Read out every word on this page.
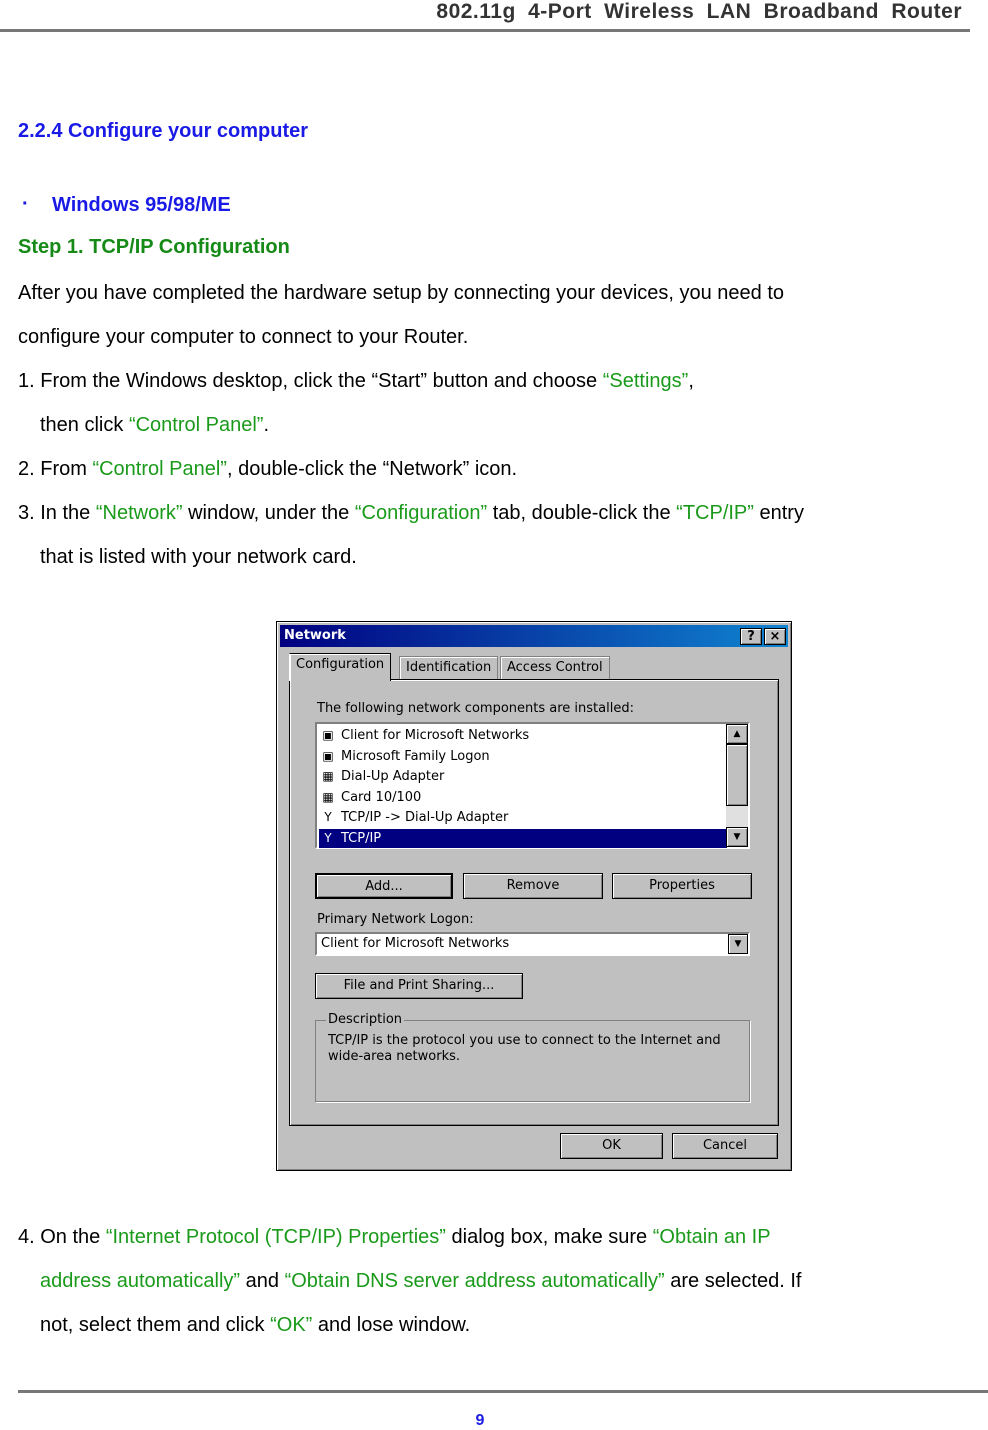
802.11g 4-Port Wireless LAN Broadband Router
2.2.4 Configure your computer
· Windows 95/98/ME
Step 1. TCP/IP Configuration
After you have completed the hardware setup by connecting your devices, you need to
configure your computer to connect to your Router.
1. From the Windows desktop, click the “Start” button and choose “Settings”,
then click “Control Panel”.
2. From “Control Panel”, double-click the “Network” icon.
3. In the “Network” window, under the “Configuration” tab, double-click the “TCP/IP” entry
that is listed with your network card.
Network	?	×
Configuration	Identification	Access Control
The following network components are installed:
▣ Client for Microsoft Networks
▣ Microsoft Family Logon
▦ Dial-Up Adapter
▦ Card 10/100
Y TCP/IP -> Dial-Up Adapter
Y TCP/IP
▲
▼
Add...	Remove	Properties
Primary Network Logon:
Client for Microsoft Networks	▼
File and Print Sharing...
Description
TCP/IP is the protocol you use to connect to the Internet and wide-area networks.
OK	Cancel
4. On the “Internet Protocol (TCP/IP) Properties” dialog box, make sure “Obtain an IP
address automatically” and “Obtain DNS server address automatically” are selected. If
not, select them and click “OK” and lose window.
9
